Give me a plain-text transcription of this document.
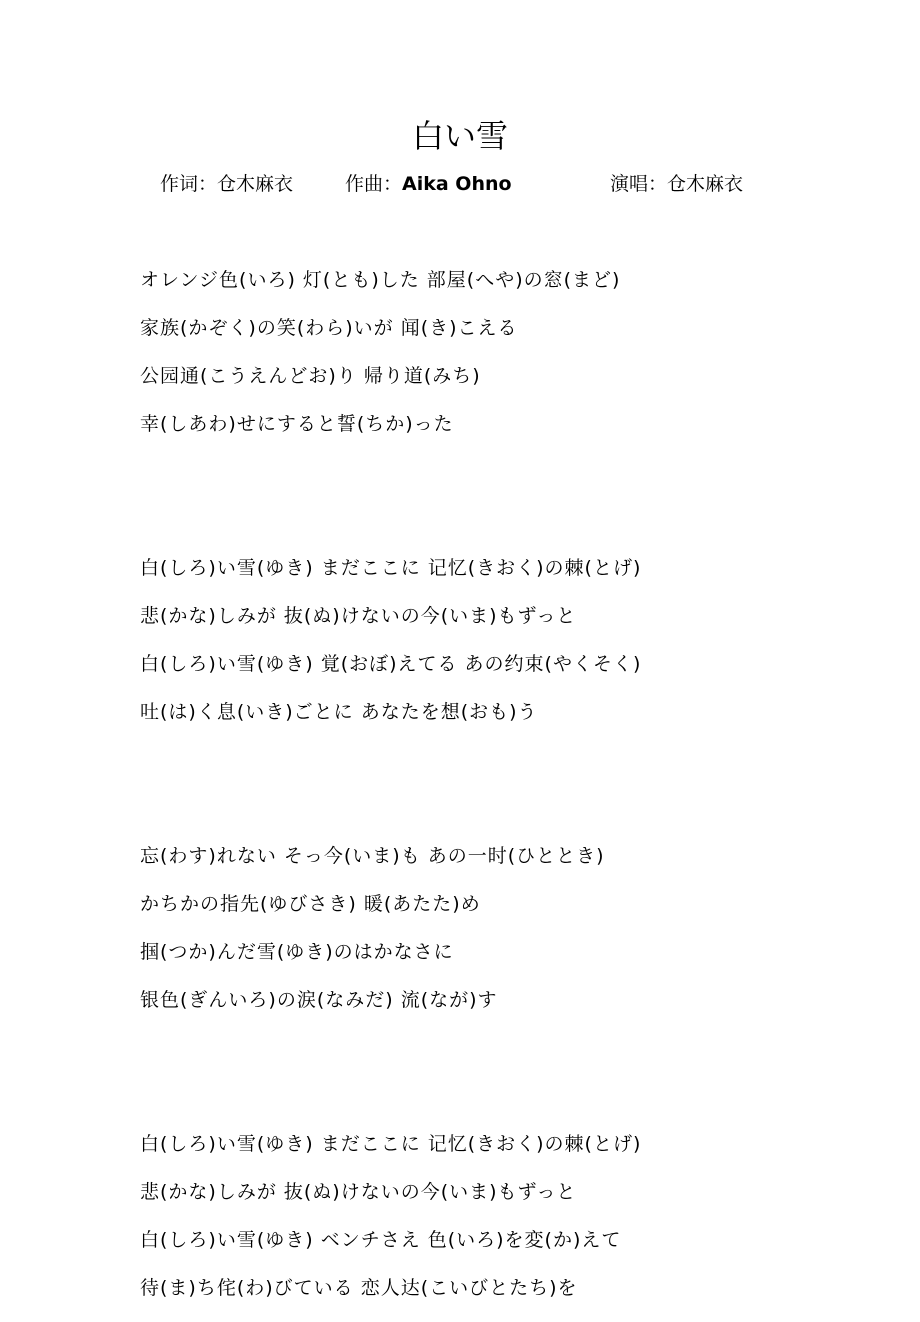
白い雪
作词：仓木麻衣	作曲：Aika Ohno	演唱：仓木麻衣
オレンジ色(いろ) 灯(とも)した 部屋(へや)の窓(まど)
家族(かぞく)の笑(わら)いが 闻(き)こえる
公园通(こうえんどお)り 帰り道(みち)
幸(しあわ)せにすると誓(ちか)った
白(しろ)い雪(ゆき) まだここに 记忆(きおく)の棘(とげ)
悲(かな)しみが 抜(ぬ)けないの今(いま)もずっと
白(しろ)い雪(ゆき) 覚(おぼ)えてる あの约束(やくそく)
吐(は)く息(いき)ごとに あなたを想(おも)う
忘(わす)れない そっ今(いま)も あの一时(ひととき)
かちかの指先(ゆびさき) 暖(あたた)め
掴(つか)んだ雪(ゆき)のはかなさに
银色(ぎんいろ)の涙(なみだ) 流(なが)す
白(しろ)い雪(ゆき) まだここに 记忆(きおく)の棘(とげ)
悲(かな)しみが 抜(ぬ)けないの今(いま)もずっと
白(しろ)い雪(ゆき) ベンチさえ 色(いろ)を変(か)えて
待(ま)ち侘(わ)びている 恋人达(こいびとたち)を
